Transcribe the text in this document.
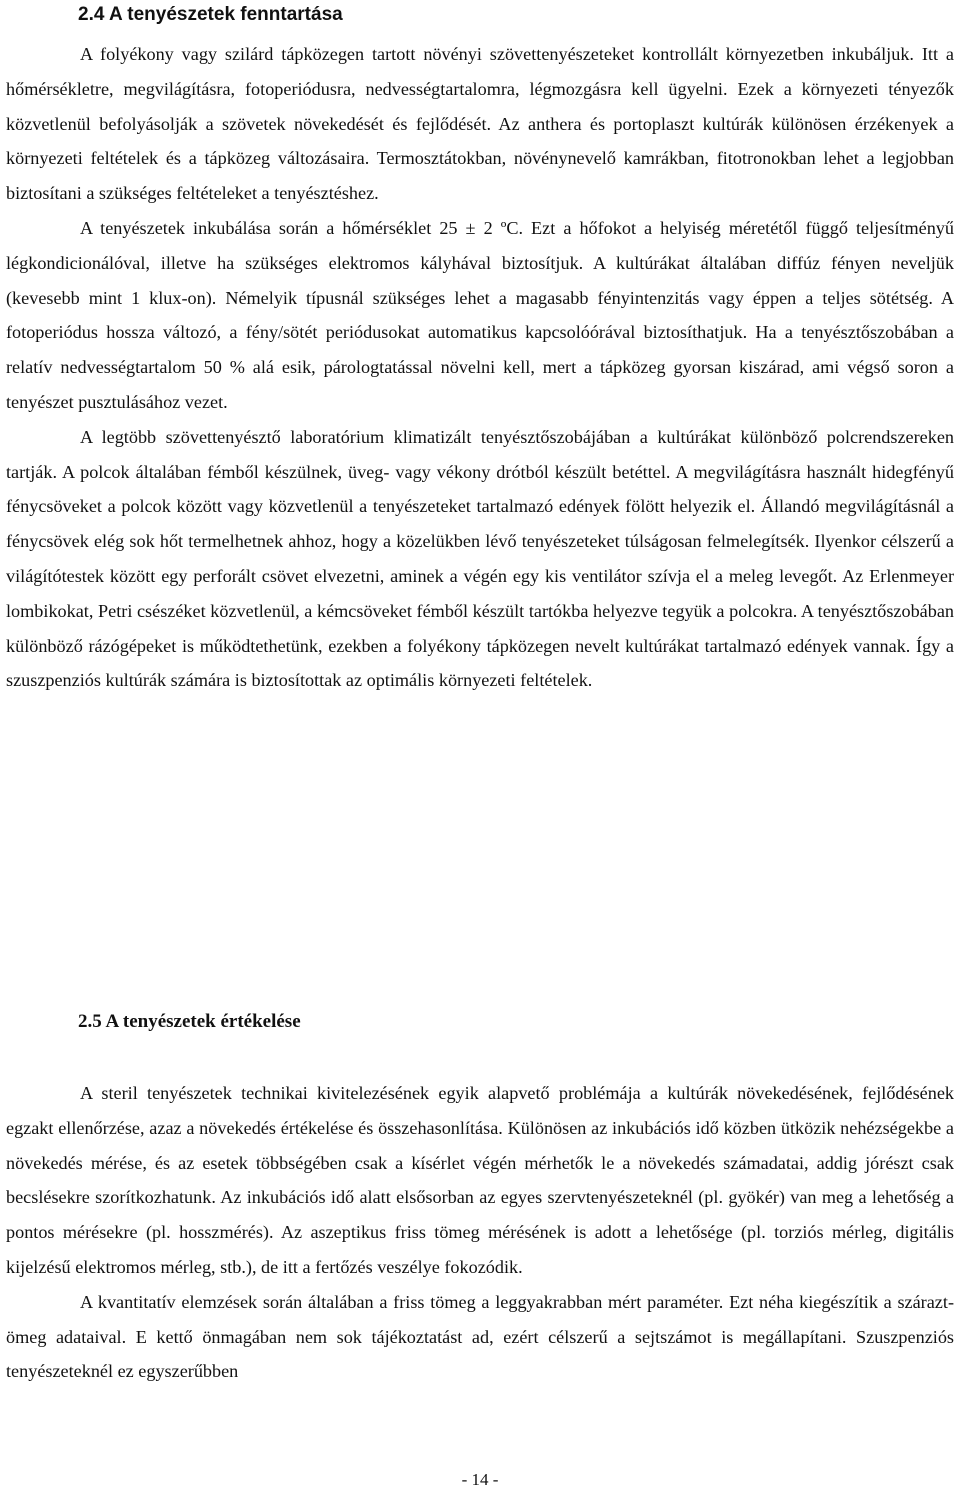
2.4 A tenyészetek fenntartása

A folyékony vagy szilárd tápközegen tartott növényi szövettenyészeteket kontrollált környezetben inkubáljuk. Itt a hőmérsékletre, megvilágításra, fotoperiódusra, nedvességtartalomra, légmozgásra kell ügyelni. Ezek a környezeti tényezők közvetlenül befolyásolják a szövetek növekedését és fejlődését. Az anthera és portoplaszt kultúrák különösen érzékenyek a környezeti feltételek és a tápközeg változásaira. Termosztátokban, növénynevelő kamrákban, fitotronokban lehet a legjobban biztosítani a szükséges feltételeket a tenyésztéshez.

A tenyészetek inkubálása során a hőmérséklet 25 ± 2 ºC. Ezt a hőfokot a helyiség méretétől függő teljesítményű légkondicionálóval, illetve ha szükséges elektromos kályhával biztosítjuk. A kultúrákat általában diffúz fényen neveljük (kevesebb mint 1 klux-on). Némelyik típusnál szükséges lehet a magasabb fényintenzitás vagy éppen a teljes sötétség. A fotoperiódus hossza változó, a fény/sötét periódusokat automatikus kapcsolóórával biztosíthatjuk. Ha a tenyésztőszobában a relatív nedvességtartalom 50 % alá esik, párologtatással növelni kell, mert a tápközeg gyorsan kiszárad, ami végső soron a tenyészet pusztulásához vezet.

A legtöbb szövettenyésztő laboratórium klimatizált tenyésztőszobájában a kultúrákat különböző polcrendszereken tartják. A polcok általában fémből készülnek, üveg- vagy vékony drótból készült betéttel. A megvilágításra használt hidegfényű fénycsöveket a polcok között vagy közvetlenül a tenyészeteket tartalmazó edények fölött helyezik el. Állandó megvilágításnál a fénycsövek elég sok hőt termelhetnek ahhoz, hogy a közelükben lévő tenyészeteket túlságosan felmelegítsék. Ilyenkor célszerű a világítótestek között egy perforált csövet elvezetni, aminek a végén egy kis ventilátor szívja el a meleg levegőt. Az Erlenmeyer lombikokat, Petri csészéket közvetlenül, a kémcsöveket fémből készült tartókba helyezve tegyük a polcokra. A tenyésztőszobában különböző rázógépeket is működtethetünk, ezekben a folyékony tápközegen nevelt kultúrákat tartalmazó edények vannak. Így a szuszpenziós kultúrák számára is biztosítottak az optimális környezeti feltételek.

2.5 A tenyészetek értékelése

A steril tenyészetek technikai kivitelezésének egyik alapvető problémája a kultúrák növekedésének, fejlődésének egzakt ellenőrzése, azaz a növekedés értékelése és összehasonlítása. Különösen az inkubációs idő közben ütközik nehézségekbe a növekedés mérése, és az esetek többségében csak a kísérlet végén mérhetők le a növekedés számadatai, addig jórészt csak becslésekre szorítkozhatunk. Az inkubációs idő alatt elsősorban az egyes szervtenyészeteknél (pl. gyökér) van meg a lehetőség a pontos mérésekre (pl. hosszmérés). Az aszeptikus friss tömeg mérésének is adott a lehetősége (pl. torziós mérleg, digitális kijelzésű elektromos mérleg, stb.), de itt a fertőzés veszélye fokozódik.

A kvantitatív elemzések során általában a friss tömeg a leggyakrabban mért paraméter. Ezt néha kiegészítik a száraztömeg adataival. E kettő önmagában nem sok tájékoztatást ad, ezért célszerű a sejtszámot is megállapítani. Szuszpenziós tenyészeteknél ez egyszerűbben

- 14 -
